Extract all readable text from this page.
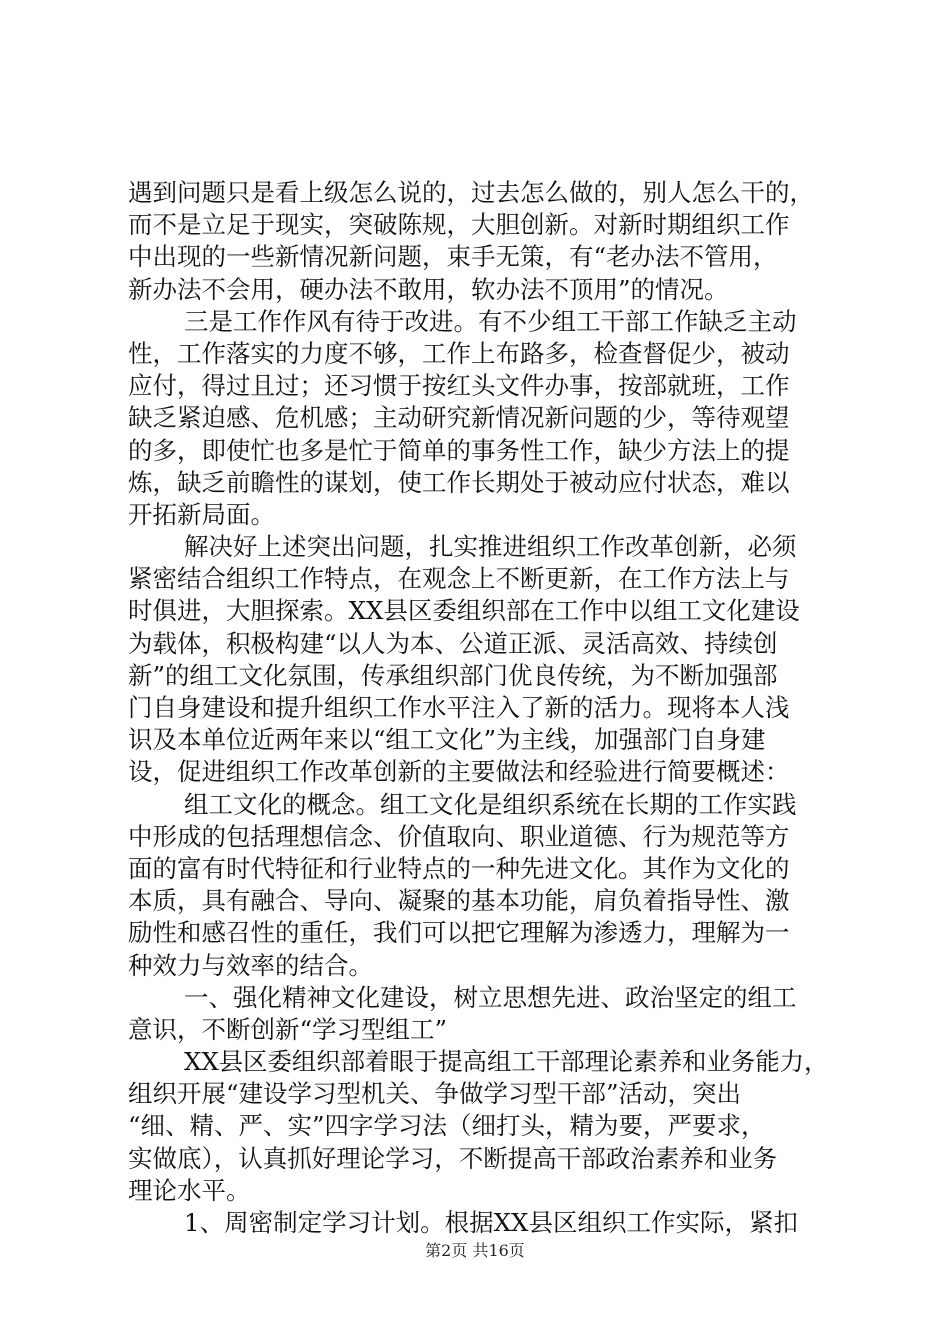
遇到问题只是看上级怎么说的，过去怎么做的，别人怎么干的，
而不是立足于现实，突破陈规，大胆创新。对新时期组织工作
中出现的一些新情况新问题，束手无策，有“老办法不管用，
新办法不会用，硬办法不敢用，软办法不顶用”的情况。
三是工作作风有待于改进。有不少组工干部工作缺乏主动
性，工作落实的力度不够，工作上布路多，检查督促少，被动
应付，得过且过；还习惯于按红头文件办事，按部就班，工作
缺乏紧迫感、危机感；主动研究新情况新问题的少，等待观望
的多，即使忙也多是忙于简单的事务性工作，缺少方法上的提
炼，缺乏前瞻性的谋划，使工作长期处于被动应付状态，难以
开拓新局面。
解决好上述突出问题，扎实推进组织工作改革创新，必须
紧密结合组织工作特点，在观念上不断更新，在工作方法上与
时俱进，大胆探索。XX县区委组织部在工作中以组工文化建设
为载体，积极构建“以人为本、公道正派、灵活高效、持续创
新”的组工文化氛围，传承组织部门优良传统，为不断加强部
门自身建设和提升组织工作水平注入了新的活力。现将本人浅
识及本单位近两年来以“组工文化”为主线，加强部门自身建
设，促进组织工作改革创新的主要做法和经验进行简要概述：
组工文化的概念。组工文化是组织系统在长期的工作实践
中形成的包括理想信念、价值取向、职业道德、行为规范等方
面的富有时代特征和行业特点的一种先进文化。其作为文化的
本质，具有融合、导向、凝聚的基本功能，肩负着指导性、激
励性和感召性的重任，我们可以把它理解为渗透力，理解为一
种效力与效率的结合。
一、强化精神文化建设，树立思想先进、政治坚定的组工
意识，不断创新“学习型组工”
XX县区委组织部着眼于提高组工干部理论素养和业务能力，
组织开展“建设学习型机关、争做学习型干部”活动，突出
“细、精、严、实”四字学习法（细打头，精为要，严要求，
实做底），认真抓好理论学习，不断提高干部政治素养和业务
理论水平。
1、周密制定学习计划。根据XX县区组织工作实际，紧扣
第2页 共16页
